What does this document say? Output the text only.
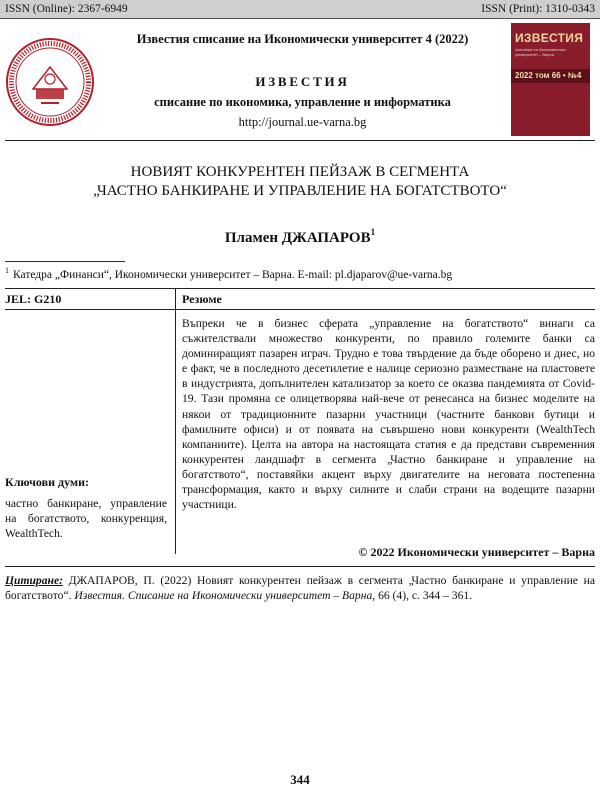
ISSN (Online): 2367-6949	ISSN (Print): 1310-0343
Известия списание на Икономически университет 4 (2022)
ИЗВЕСТИЯ
списание по икономика, управление и информатика
http://journal.ue-varna.bg
ИЗВЕСТИЯ
списание на Икономически университет – Варна
2022 том 66 • №4
НОВИЯТ КОНКУРЕНТЕН ПЕЙЗАЖ В СЕГМЕНТА
„ЧАСТНО БАНКИРАНЕ И УПРАВЛЕНИЕ НА БОГАТСТВОТО“
Пламен ДЖАПАРОВ$^1$
$^1$ Катедра „Финанси“, Икономически университет – Варна. E-mail: pl.djaparov@ue-varna.bg
JEL: G210	Резюме
Въпреки че в бизнес сферата „управление на богатството“ винаги са съжителствали множество конкуренти, по правило големите банки са доминиращият пазарен играч. Трудно е това твърдение да бъде оборено и днес, но е факт, че в последното десетилетие е налице сериозно разместване на пластовете в индустрията, допълнителен катализатор за което се оказва пандемията от Covid-19. Тази промяна се олицетворява най-вече от ренесанса на бизнес моделите на някои от традиционните пазарни участници (частните банкови бутици и фамилните офиси) и от появата на съвършено нови конкуренти (WealthTech компаниите). Целта на автора на настоящата статия е да представи съвременния конкурентен ландшафт в сегмента „Частно банкиране и управление на богатството“, поставяйки акцент върху двигателите на неговата постепенна трансформация, както и върху силните и слаби страни на водещите пазарни участници.
Ключови думи:
частно банкиране, управление на богатството, конкуренция, WealthTech.
© 2022 Икономически университет – Варна
Цитиране: ДЖАПАРОВ, П. (2022) Новият конкурентен пейзаж в сегмента „Частно банкиране и управление на богатството“. Известия. Списание на Икономически университет – Варна, 66 (4), с. 344 – 361.
344
